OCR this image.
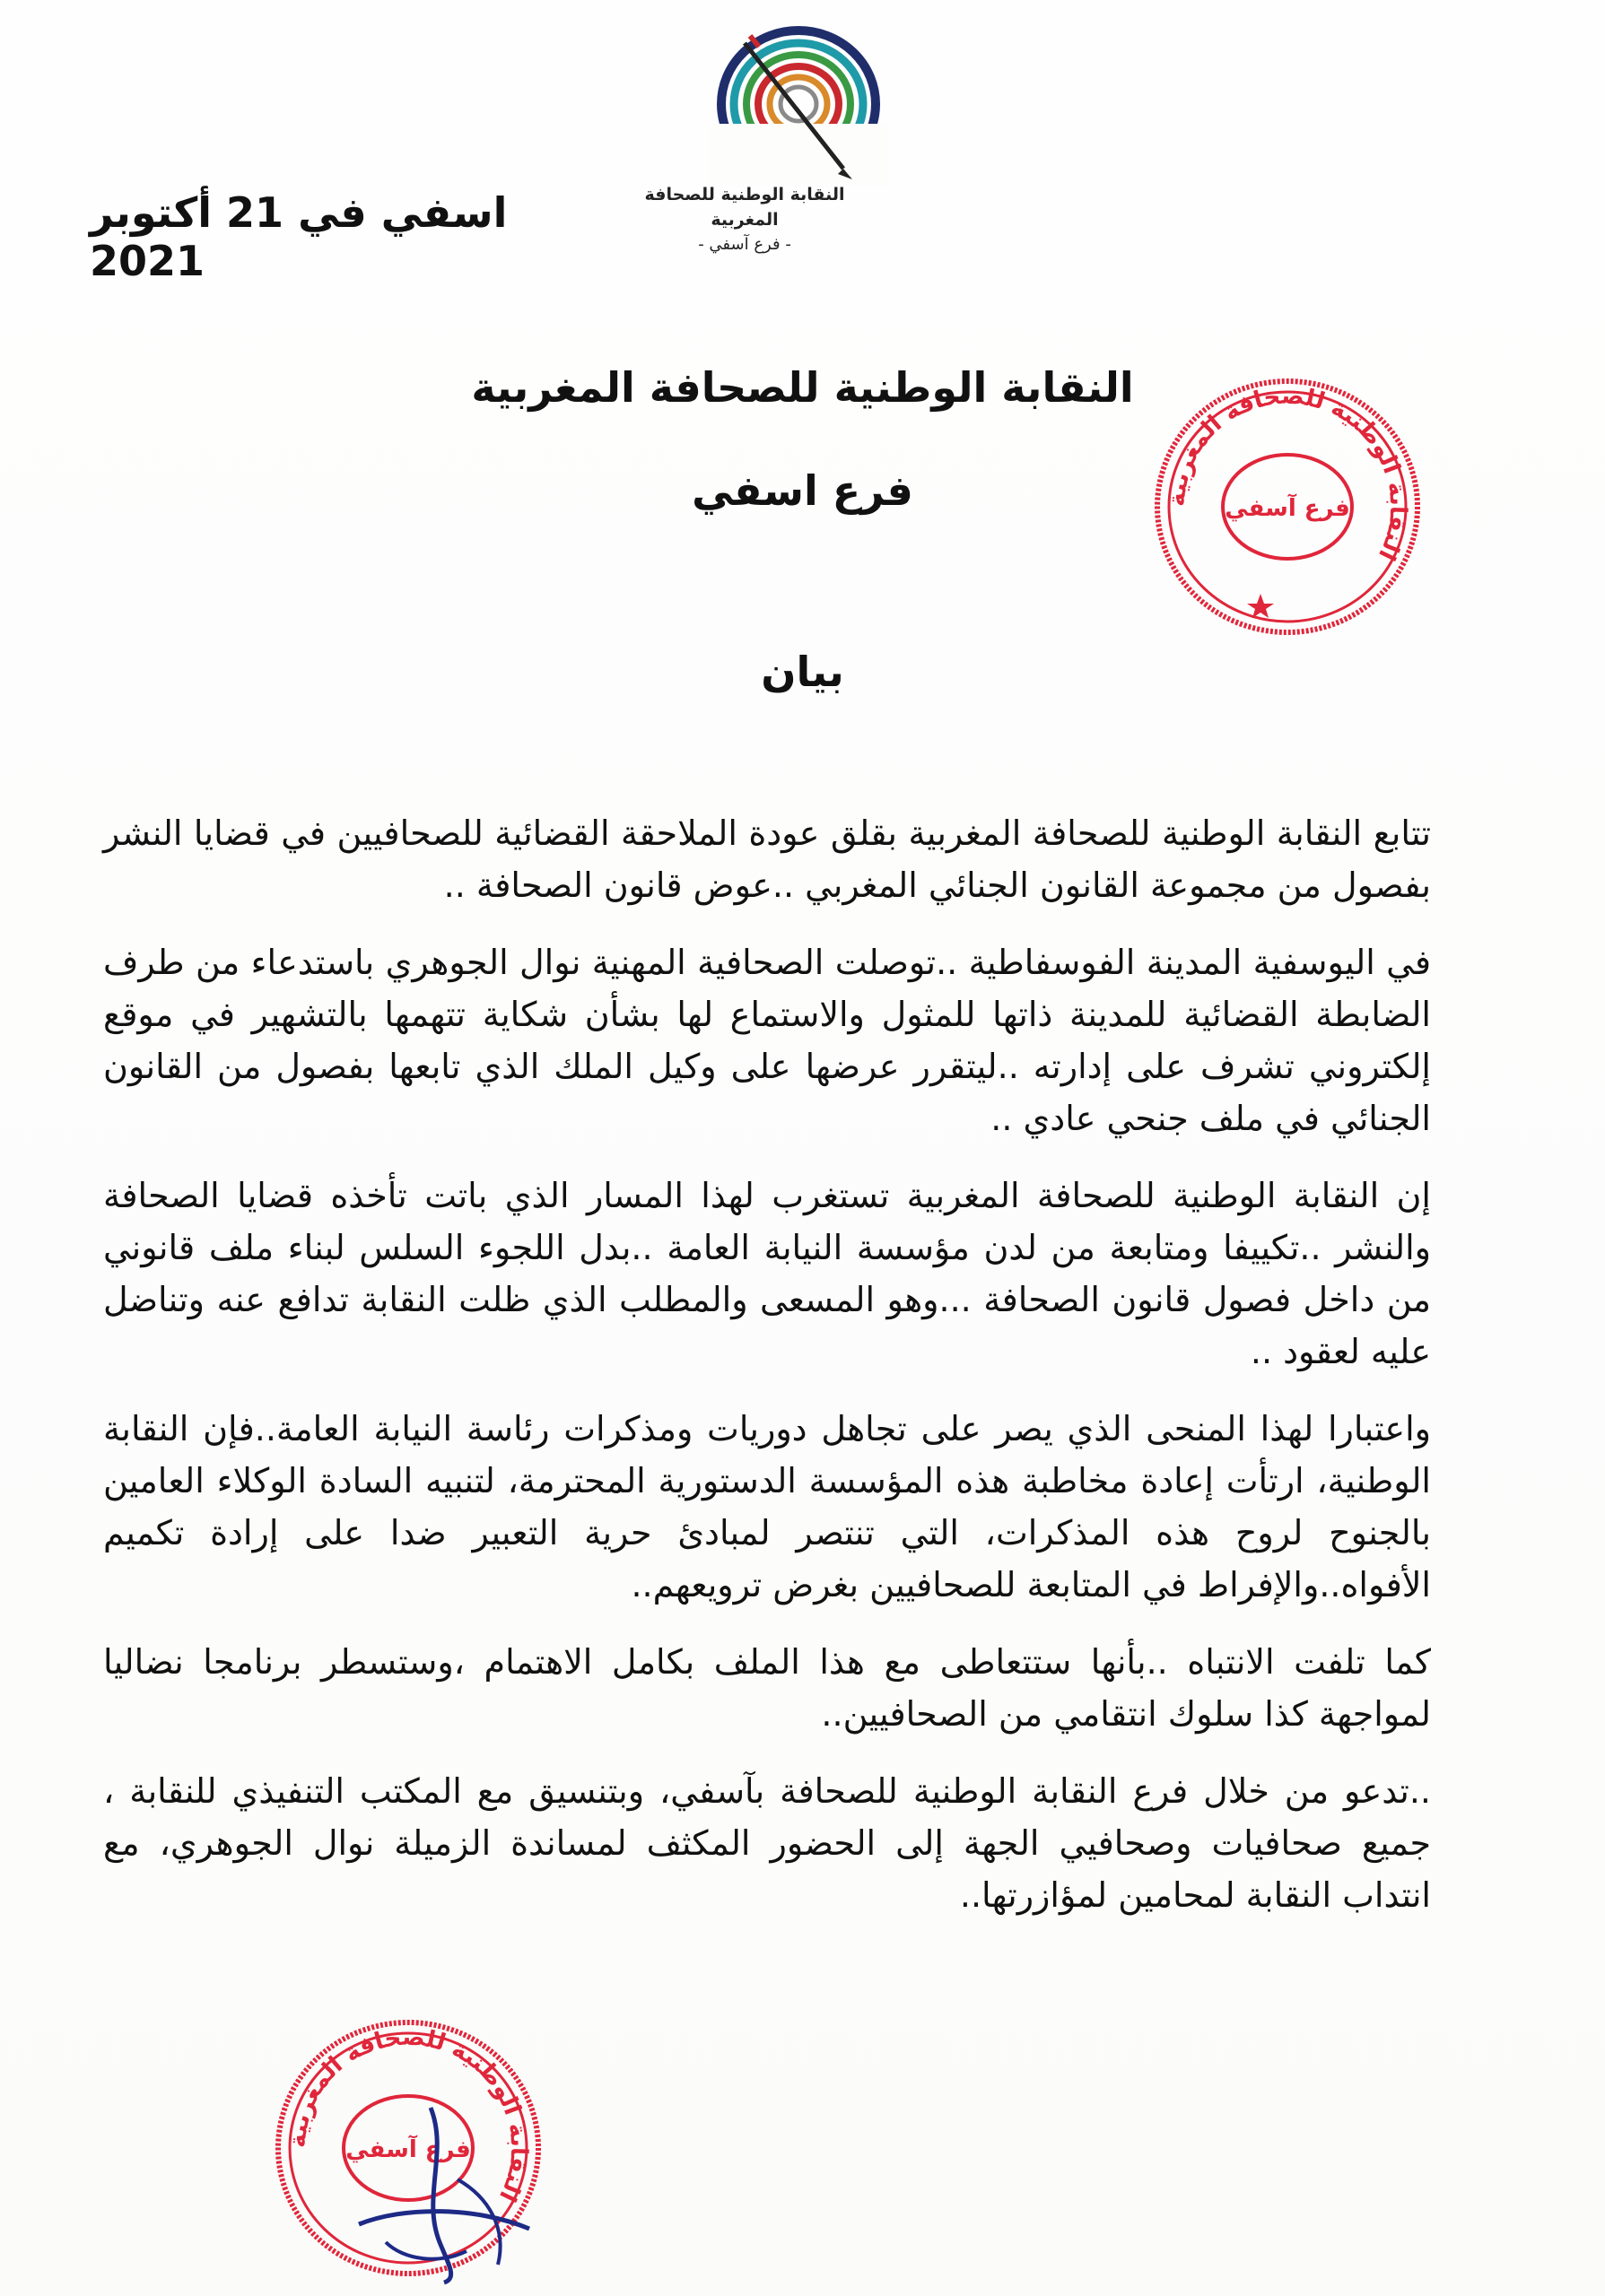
النقابة الوطنية للصحافة المغربية
- فرع آسفي -
اسفي في 21 أكتوبر 2021
النقابة الوطنية للصحافة المغربية
فرع اسفي
بيان
النقابة الوطنية للصحافة المغربية
فرع آسفي

تتابع النقابة الوطنية للصحافة المغربية بقلق عودة الملاحقة القضائية للصحافيين في قضايا النشر بفصول من مجموعة القانون الجنائي المغربي ..عوض قانون الصحافة ..

في اليوسفية المدينة الفوسفاطية ..توصلت الصحافية المهنية نوال الجوهري باستدعاء من طرف الضابطة القضائية للمدينة ذاتها للمثول والاستماع لها بشأن شكاية تتهمها بالتشهير في موقع إلكتروني تشرف على إدارته ..ليتقرر عرضها على وكيل الملك الذي تابعها بفصول من القانون الجنائي في ملف جنحي عادي ..

إن النقابة الوطنية للصحافة المغربية تستغرب لهذا المسار الذي باتت تأخذه قضايا الصحافة والنشر ..تكييفا ومتابعة من لدن مؤسسة النيابة العامة ..بدل اللجوء السلس لبناء ملف قانوني من داخل فصول قانون الصحافة ...وهو المسعى والمطلب الذي ظلت النقابة تدافع عنه وتناضل عليه لعقود ..

واعتبارا لهذا المنحى الذي يصر على تجاهل دوريات ومذكرات رئاسة النيابة العامة..فإن النقابة الوطنية، ارتأت إعادة مخاطبة هذه المؤسسة الدستورية المحترمة، لتنبيه السادة الوكلاء العامين بالجنوح لروح هذه المذكرات، التي تنتصر لمبادئ حرية التعبير ضدا على إرادة تكميم الأفواه..والإفراط في المتابعة للصحافيين بغرض ترويعهم..

كما تلفت الانتباه ..بأنها ستتعاطى مع هذا الملف بكامل الاهتمام ،وستسطر برنامجا نضاليا لمواجهة كذا سلوك انتقامي من الصحافيين..

..تدعو من خلال فرع النقابة الوطنية للصحافة بآسفي، وبتنسيق مع المكتب التنفيذي للنقابة ، جميع صحافيات وصحافيي الجهة إلى الحضور المكثف لمساندة الزميلة نوال الجوهري، مع انتداب النقابة لمحامين لمؤازرتها..

النقابة الوطنية للصحافة المغربية
فرع آسفي
